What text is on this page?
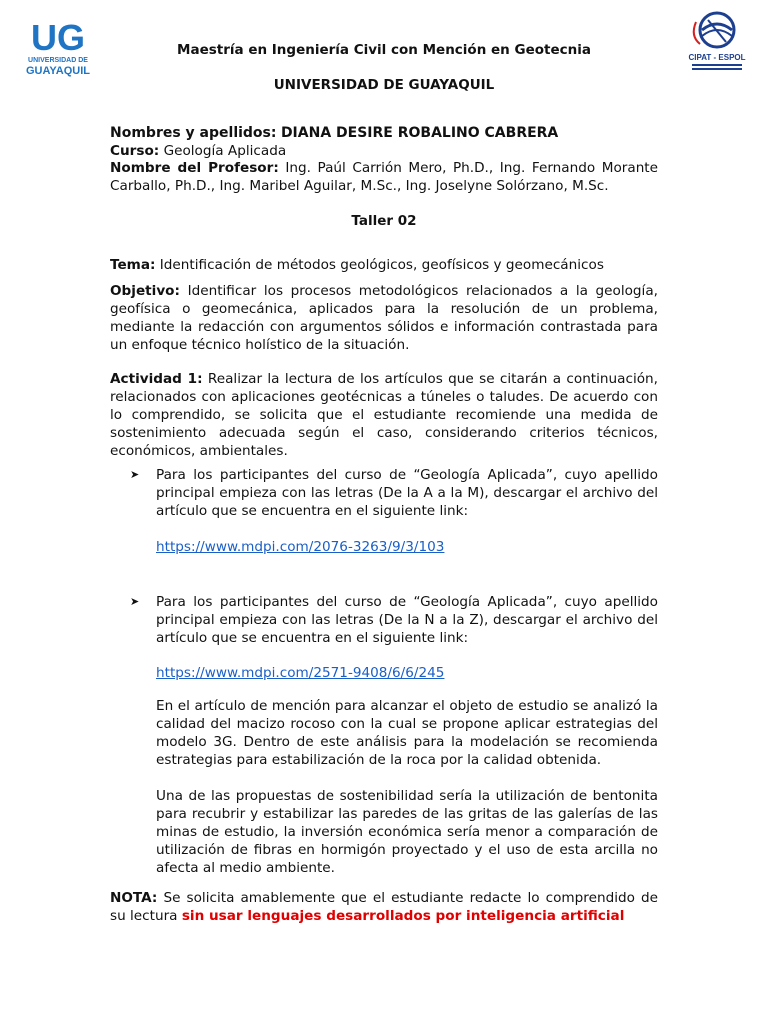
UG
UNIVERSIDAD DE
GUAYAQUIL
CIPAT - ESPOL
Maestría en Ingeniería Civil con Mención en Geotecnia
UNIVERSIDAD DE GUAYAQUIL
Nombres y apellidos: DIANA DESIRE ROBALINO CABRERA
Curso: Geología Aplicada
Nombre del Profesor: Ing. Paúl Carrión Mero, Ph.D., Ing. Fernando Morante Carballo, Ph.D., Ing. Maribel Aguilar, M.Sc., Ing. Joselyne Solórzano, M.Sc.
Taller 02
Tema: Identificación de métodos geológicos, geofísicos y geomecánicos
Objetivo: Identificar los procesos metodológicos relacionados a la geología, geofísica o geomecánica, aplicados para la resolución de un problema, mediante la redacción con argumentos sólidos e información contrastada para un enfoque técnico holístico de la situación.
Actividad 1: Realizar la lectura de los artículos que se citarán a continuación, relacionados con aplicaciones geotécnicas a túneles o taludes. De acuerdo con lo comprendido, se solicita que el estudiante recomiende una medida de sostenimiento adecuada según el caso, considerando criterios técnicos, económicos, ambientales.
➤ Para los participantes del curso de “Geología Aplicada”, cuyo apellido principal empieza con las letras (De la A a la M), descargar el archivo del artículo que se encuentra en el siguiente link:
https://www.mdpi.com/2076-3263/9/3/103
➤ Para los participantes del curso de “Geología Aplicada”, cuyo apellido principal empieza con las letras (De la N a la Z), descargar el archivo del artículo que se encuentra en el siguiente link:
https://www.mdpi.com/2571-9408/6/6/245
En el artículo de mención para alcanzar el objeto de estudio se analizó la calidad del macizo rocoso con la cual se propone aplicar estrategias del modelo 3G. Dentro de este análisis para la modelación se recomienda estrategias para estabilización de la roca por la calidad obtenida.
Una de las propuestas de sostenibilidad sería la utilización de bentonita para recubrir y estabilizar las paredes de las gritas de las galerías de las minas de estudio, la inversión económica sería menor a comparación de utilización de fibras en hormigón proyectado y el uso de esta arcilla no afecta al medio ambiente.
NOTA: Se solicita amablemente que el estudiante redacte lo comprendido de su lectura sin usar lenguajes desarrollados por inteligencia artificial
